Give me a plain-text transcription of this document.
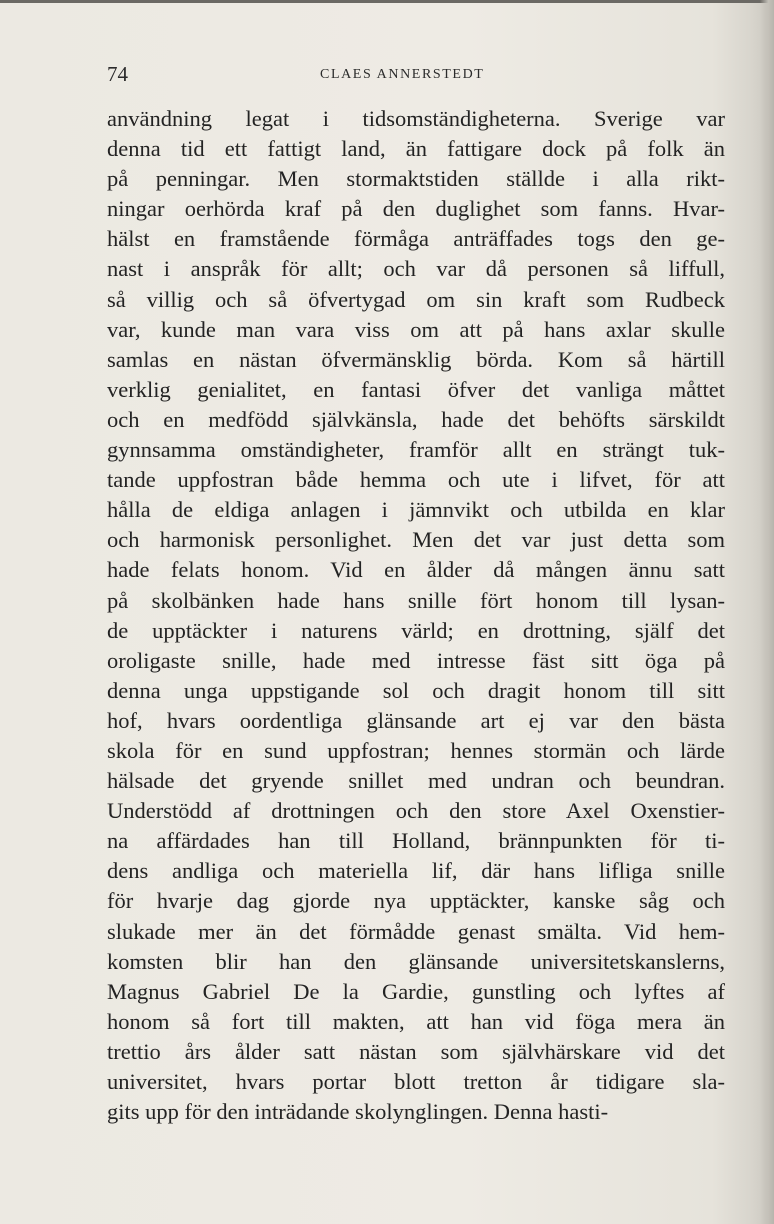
74	CLAES ANNERSTEDT
användning legat i tidsomständigheterna. Sverige var
denna tid ett fattigt land, än fattigare dock på folk än
på penningar. Men stormaktstiden ställde i alla rikt-
ningar oerhörda kraf på den duglighet som fanns. Hvar-
hälst en framstående förmåga anträffades togs den ge-
nast i anspråk för allt; och var då personen så liffull,
så villig och så öfvertygad om sin kraft som Rudbeck
var, kunde man vara viss om att på hans axlar skulle
samlas en nästan öfvermänsklig börda. Kom så härtill
verklig genialitet, en fantasi öfver det vanliga måttet
och en medfödd självkänsla, hade det behöfts särskildt
gynnsamma omständigheter, framför allt en strängt tuk-
tande uppfostran både hemma och ute i lifvet, för att
hålla de eldiga anlagen i jämnvikt och utbilda en klar
och harmonisk personlighet. Men det var just detta som
hade felats honom. Vid en ålder då mången ännu satt
på skolbänken hade hans snille fört honom till lysan-
de upptäckter i naturens värld; en drottning, själf det
oroligaste snille, hade med intresse fäst sitt öga på
denna unga uppstigande sol och dragit honom till sitt
hof, hvars oordentliga glänsande art ej var den bästa
skola för en sund uppfostran; hennes stormän och lärde
hälsade det gryende snillet med undran och beundran.
Understödd af drottningen och den store Axel Oxenstier-
na affärdades han till Holland, brännpunkten för ti-
dens andliga och materiella lif, där hans lifliga snille
för hvarje dag gjorde nya upptäckter, kanske såg och
slukade mer än det förmådde genast smälta. Vid hem-
komsten blir han den glänsande universitetskanslerns,
Magnus Gabriel De la Gardie, gunstling och lyftes af
honom så fort till makten, att han vid föga mera än
trettio års ålder satt nästan som självhärskare vid det
universitet, hvars portar blott tretton år tidigare sla-
gits upp för den inträdande skolynglingen. Denna hasti-
